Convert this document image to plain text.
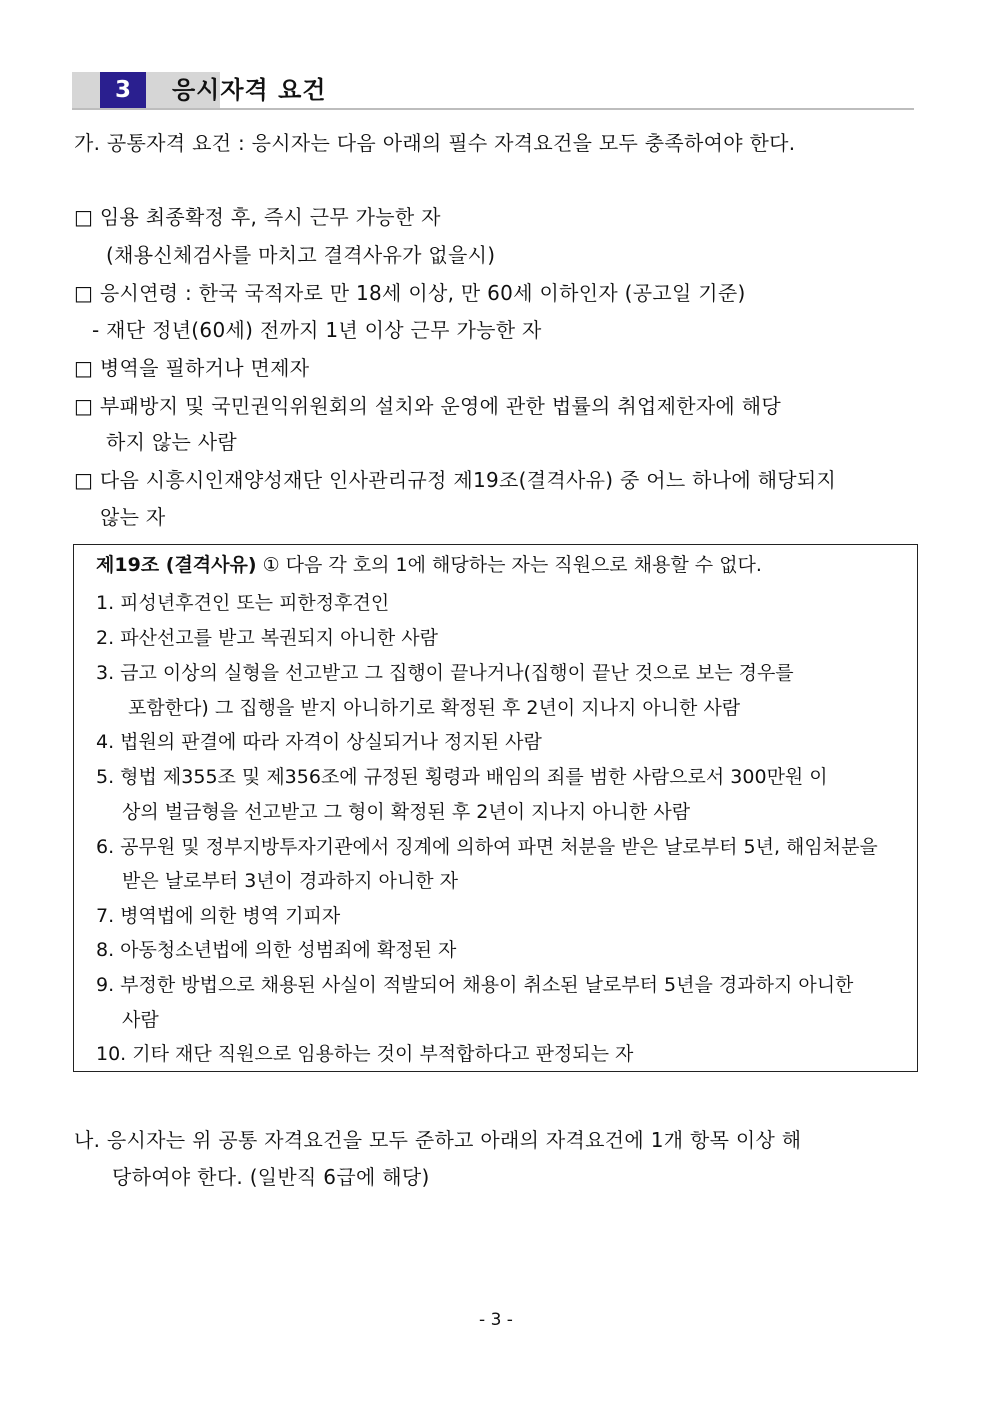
3	응시자격 요건
가. 공통자격 요건 : 응시자는 다음 아래의 필수 자격요건을 모두 충족하여야 한다.
□ 임용 최종확정 후, 즉시 근무 가능한 자
(채용신체검사를 마치고 결격사유가 없을시)
□ 응시연령 : 한국 국적자로 만 18세 이상, 만 60세 이하인자 (공고일 기준)
- 재단 정년(60세) 전까지 1년 이상 근무 가능한 자
□ 병역을 필하거나 면제자
□ 부패방지 및 국민권익위원회의 설치와 운영에 관한 법률의 취업제한자에 해당
하지 않는 사람
□ 다음 시흥시인재양성재단 인사관리규정 제19조(결격사유) 중 어느 하나에 해당되지
않는 자
제19조 (결격사유) ① 다음 각 호의 1에 해당하는 자는 직원으로 채용할 수 없다.
1. 피성년후견인 또는 피한정후견인
2. 파산선고를 받고 복권되지 아니한 사람
3. 금고 이상의 실형을 선고받고 그 집행이 끝나거나(집행이 끝난 것으로 보는 경우를
포함한다) 그 집행을 받지 아니하기로 확정된 후 2년이 지나지 아니한 사람
4. 법원의 판결에 따라 자격이 상실되거나 정지된 사람
5. 형법 제355조 및 제356조에 규정된 횡령과 배임의 죄를 범한 사람으로서 300만원 이
상의 벌금형을 선고받고 그 형이 확정된 후 2년이 지나지 아니한 사람
6. 공무원 및 정부지방투자기관에서 징계에 의하여 파면 처분을 받은 날로부터 5년, 해임처분을
받은 날로부터 3년이 경과하지 아니한 자
7. 병역법에 의한 병역 기피자
8. 아동청소년법에 의한 성범죄에 확정된 자
9. 부정한 방법으로 채용된 사실이 적발되어 채용이 취소된 날로부터 5년을 경과하지 아니한
사람
10. 기타 재단 직원으로 임용하는 것이 부적합하다고 판정되는 자
나. 응시자는 위 공통 자격요건을 모두 준하고 아래의 자격요건에 1개 항목 이상 해
당하여야 한다. (일반직 6급에 해당)
- 3 -
